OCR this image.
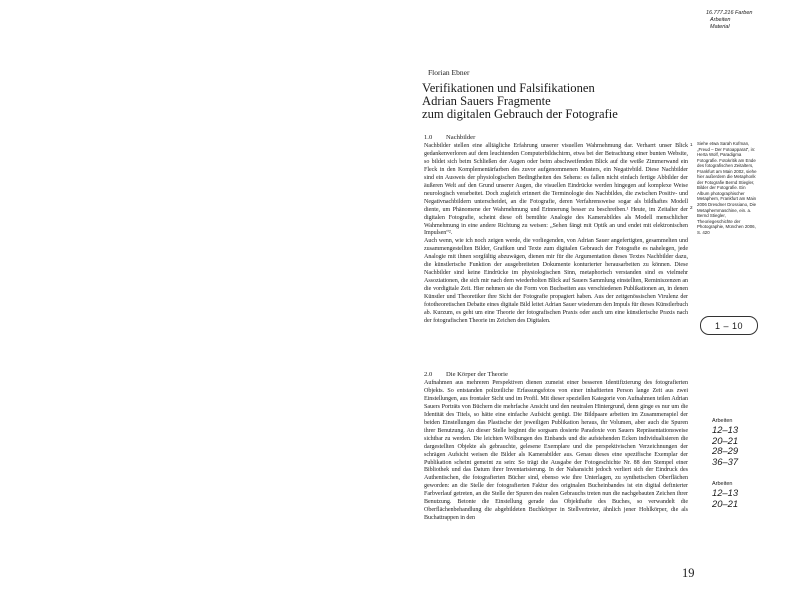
16.777.216 Farben
Arbeiten
Material
Florian Ebner
Verifikationen und Falsifikationen
Adrian Sauers Fragmente
zum digitalen Gebrauch der Fotografie
1.0 Nachbilder

Nachbilder stellen eine alltägliche Erfahrung unserer visuellen Wahrnehmung dar. Verharrt unser Blick gedankenverloren auf dem leuchtenden Computerbildschirm, etwa bei der Betrachtung einer bunten Website, so bildet sich beim Schließen der Augen oder beim abschweifenden Blick auf die weiße Zimmerwand ein Fleck in den Komplementärfarben des zuvor aufgenommenen Musters, ein Negativbild. Diese Nachbilder sind ein Ausweis der physiologischen Bedingtheiten des Sehens: es fallen nicht einfach fertige Abbilder der äußeren Welt auf den Grund unserer Augen, die visuellen Eindrücke werden hingegen auf komplexe Weise neurologisch verarbeitet. Doch zugleich erinnert die Terminologie des Nachbildes, die zwischen Positiv- und Negativnachbildern unterscheidet, an die Fotografie, deren Verfahrensweise sogar als bildhaftes Modell diente, um Phänomene der Wahrnehmung und Erinnerung besser zu beschreiben.¹ Heute, im Zeitalter der digitalen Fotografie, scheint diese oft bemühte Analogie des Kamerabildes als Modell menschlicher Wahrnehmung in eine andere Richtung zu weisen: „Sehen fängt mit Optik an und endet mit elektronischen Impulsen“².

Auch wenn, wie ich noch zeigen werde, die vorliegenden, von Adrian Sauer angefertigten, gesammelten und zusammengestellten Bilder, Grafiken und Texte zum digitalen Gebrauch der Fotografie es nahelegen, jede Analogie mit ihnen sorgfältig abzuwägen, dienen mir für die Argumentation dieses Textes Nachbilder dazu, die künstlerische Funktion der ausgebreiteten Dokumente konturierter herausarbeiten zu können. Diese Nachbilder sind keine Eindrücke im physiologischen Sinn, metaphorisch verstanden sind es vielmehr Assoziationen, die sich mir nach dem wiederholten Blick auf Sauers Sammlung einstellten, Reminiszenzen an die vordigitale Zeit. Hier nehmen sie die Form von Buchseiten aus verschiedenen Publikationen an, in denen Künstler und Theoretiker ihre Sicht der Fotografie propagiert haben. Aus der zeitgenössischen Virulenz der fototheoretischen Debatte eines digitale Bild leitet Adrian Sauer wiederum den Impuls für dieses Künstlerbuch ab. Kurzum, es geht um eine Theorie der fotografischen Praxis oder auch um eine künstlerische Praxis nach der fotografischen Theorie im Zeichen des Digitalen.

2.0 Die Körper der Theorie

Aufnahmen aus mehreren Perspektiven dienen zumeist einer besseren Identifizierung des fotografierten Objekts. So entstanden polizeiliche Erfassungsfotos von einer inhaftierten Person lange Zeit aus zwei Einstellungen, aus frontaler Sicht und im Profil. Mit dieser speziellen Kategorie von Aufnahmen teilen Adrian Sauers Porträts von Büchern die mehrfache Ansicht und den neutralen Hintergrund, denn ginge es nur um die Identität des Titels, so hätte eine einfache Aufsicht genügt. Die Bildpaare arbeiten im Zusammenspiel der beiden Einstellungen das Plastische der jeweiligen Publikation heraus, ihr Volumen, aber auch die Spuren ihrer Benutzung. An dieser Stelle beginnt die sorgsam dosierte Paradoxie von Sauers Repräsentationsweise sichtbar zu werden. Die leichten Wölbungen des Einbands und die aufstehenden Ecken individualisieren die dargestellten Objekte als gebrauchte, gelesene Exemplare und die perspektivischen Verzeichnungen der schrägen Aufsicht weisen die Bilder als Kamerabilder aus. Genau dieses eine spezifische Exemplar der Publikation scheint gemeint zu sein: So trägt die Ausgabe der Fotogeschichte Nr. 88 den Stempel einer Bibliothek und das Datum ihrer Inventarisierung. In der Nahansicht jedoch verliert sich der Eindruck des Authentischen, die fotografierten Bücher sind, ebenso wie ihre Unterlagen, zu synthetischen Oberflächen geworden: an die Stelle der fotografierten Faktur des originalen Bucheinbandes ist ein digital definierter Farbverlauf getreten, an die Stelle der Spuren des realen Gebrauchs treten nun die nachgebauten Zeichen ihrer Benutzung. Betonte die Einstellung gerade das Objekthafte des Buches, so verwandelt die Oberflächenbehandlung die abgebildeten Buchkörper in Stellvertreter, ähnlich jener Hohlkörper, die als Buchattrappen in den

1
2
Siehe etwa Sarah Kofman, „Freud – Der Fotoapparat“, in: Herta Wolf, Paradigma Fotografie. Fotokritik am Ende des fotografischen Zeitalters, Frankfurt am Main 2002, siehe hier außerdem die Metaphorik der Fotografie Bernd Stiegler, Bilder der Fotografie. Ein Album photographischer Metaphern, Frankfurt am Main 2006 Dresdner Drossiano, Die Metaphernmaschine, ein. a. Bernd Stiegler, Theoriegeschichte der Photographie, München 2006, S. 420
1 – 10
Arbeiten
12–13
20–21
28–29
36–37
Arbeiten
12–13
20–21
19
